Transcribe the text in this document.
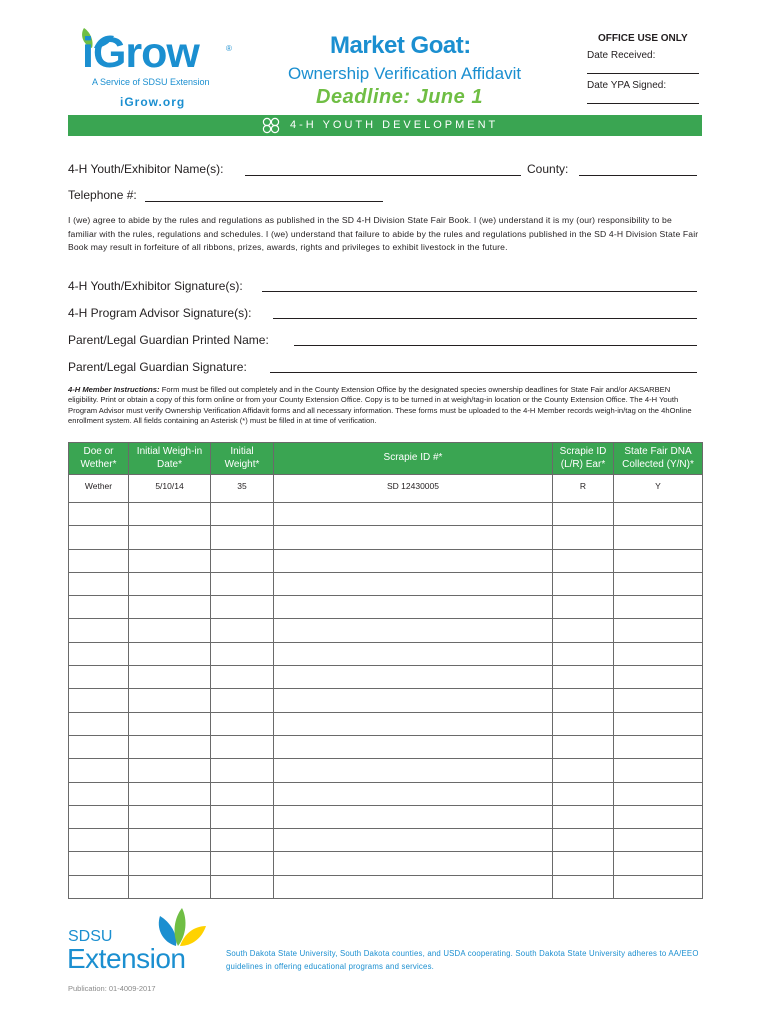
iGrow	®
A Service of SDSU Extension
iGrow.org
Market Goat:
Ownership Verification Affidavit
Deadline: June 1
OFFICE USE ONLY
Date Received:
Date YPA Signed:
4-H YOUTH DEVELOPMENT
4-H Youth/Exhibitor Name(s):	County:
Telephone #:
I (we) agree to abide by the rules and regulations as published in the SD 4-H Division State Fair Book. I (we) understand it is my (our) responsibility to be familiar with the rules, regulations and schedules. I (we) understand that failure to abide by the rules and regulations published in the SD 4-H Division State Fair Book may result in forfeiture of all ribbons, prizes, awards, rights and privileges to exhibit livestock in the future.
4-H Youth/Exhibitor Signature(s):
4-H Program Advisor Signature(s):
Parent/Legal Guardian Printed Name:
Parent/Legal Guardian Signature:
4-H Member Instructions: Form must be filled out completely and in the County Extension Office by the designated species ownership deadlines for State Fair and/or AKSARBEN eligibility. Print or obtain a copy of this form online or from your County Extension Office. Copy is to be turned in at weigh/tag-in location or the County Extension Office. The 4-H Youth Program Advisor must verify Ownership Verification Affidavit forms and all necessary information. These forms must be uploaded to the 4-H Member records weigh-in/tag on the 4hOnline enrollment system. All fields containing an Asterisk (*) must be filled in at time of verification.
Doe or Wether*	Initial Weigh-in Date*	Initial Weight*	Scrapie ID #*	Scrapie ID (L/R) Ear*	State Fair DNA Collected (Y/N)*
Wether	5/10/14	35	SD 12430005	R	Y

SDSU
Extension	South Dakota State University, South Dakota counties, and USDA cooperating. South Dakota State University adheres to AA/EEO guidelines in offering educational programs and services.
Publication: 01-4009-2017
